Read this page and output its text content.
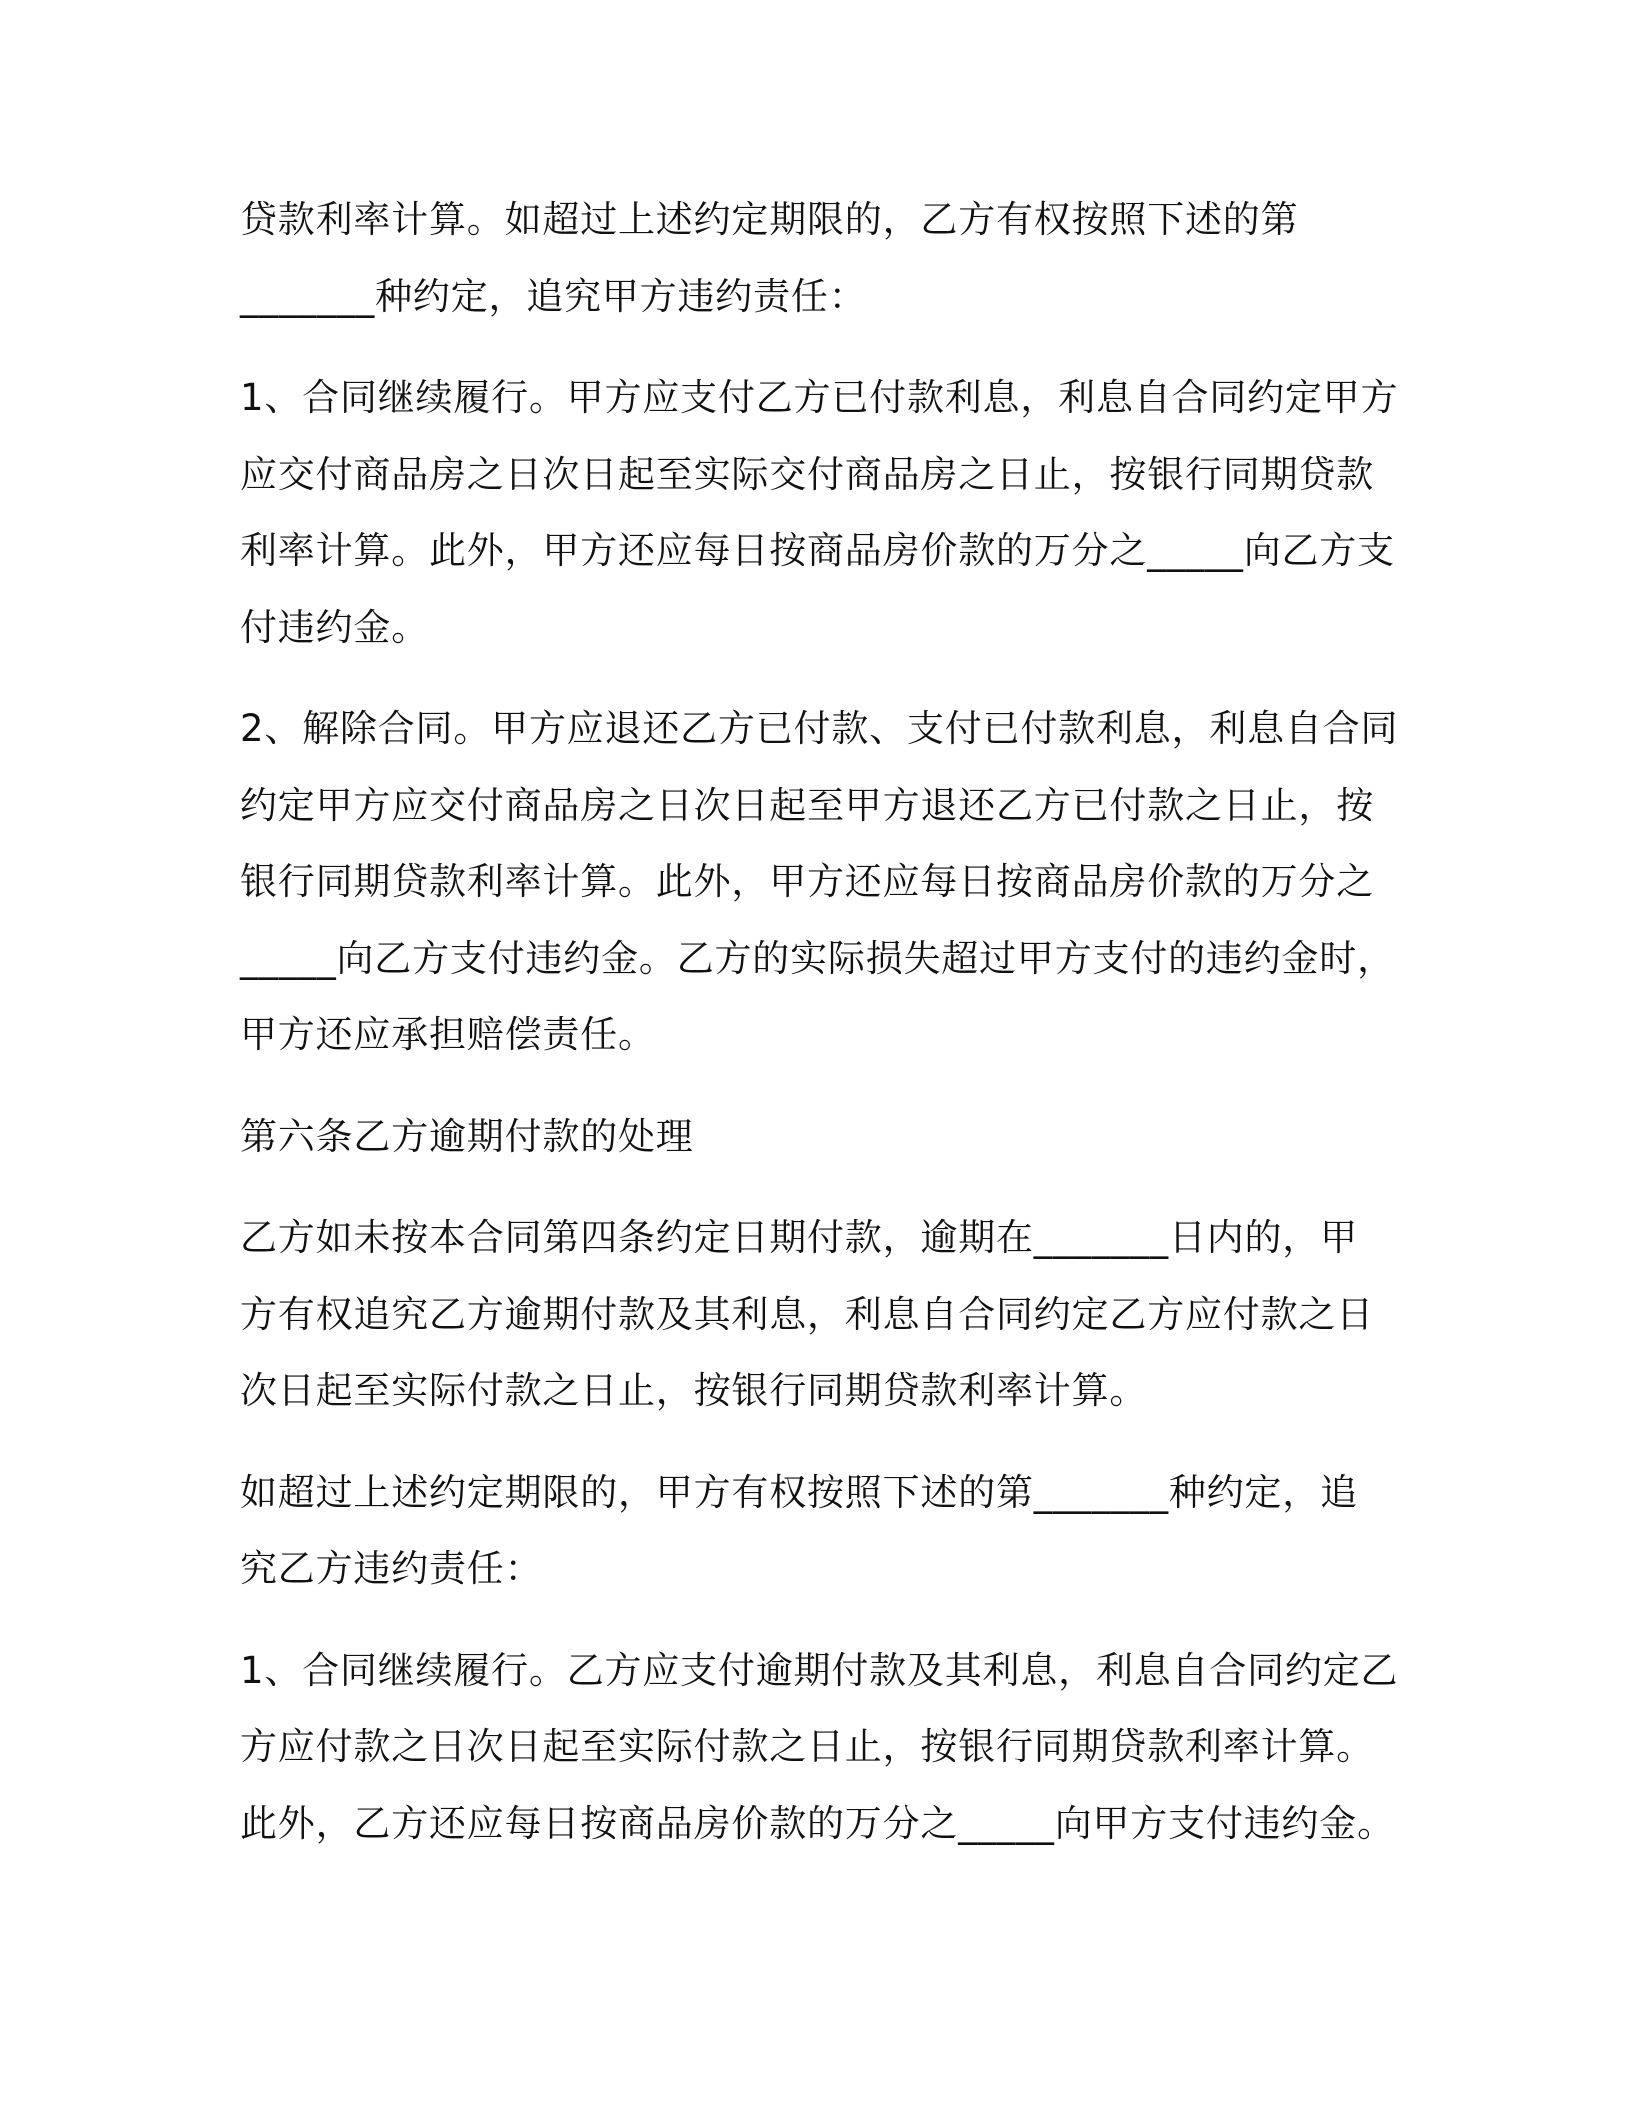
贷款利率计算。如超过上述约定期限的，乙方有权按照下述的第
_______种约定，追究甲方违约责任：

1、合同继续履行。甲方应支付乙方已付款利息，利息自合同约定甲方
应交付商品房之日次日起至实际交付商品房之日止，按银行同期贷款
利率计算。此外，甲方还应每日按商品房价款的万分之_____向乙方支
付违约金。

2、解除合同。甲方应退还乙方已付款、支付已付款利息，利息自合同
约定甲方应交付商品房之日次日起至甲方退还乙方已付款之日止，按
银行同期贷款利率计算。此外，甲方还应每日按商品房价款的万分之
_____向乙方支付违约金。乙方的实际损失超过甲方支付的违约金时，
甲方还应承担赔偿责任。

第六条乙方逾期付款的处理

乙方如未按本合同第四条约定日期付款，逾期在_______日内的，甲
方有权追究乙方逾期付款及其利息，利息自合同约定乙方应付款之日
次日起至实际付款之日止，按银行同期贷款利率计算。

如超过上述约定期限的，甲方有权按照下述的第_______种约定，追
究乙方违约责任：

1、合同继续履行。乙方应支付逾期付款及其利息，利息自合同约定乙
方应付款之日次日起至实际付款之日止，按银行同期贷款利率计算。
此外，乙方还应每日按商品房价款的万分之_____向甲方支付违约金。
